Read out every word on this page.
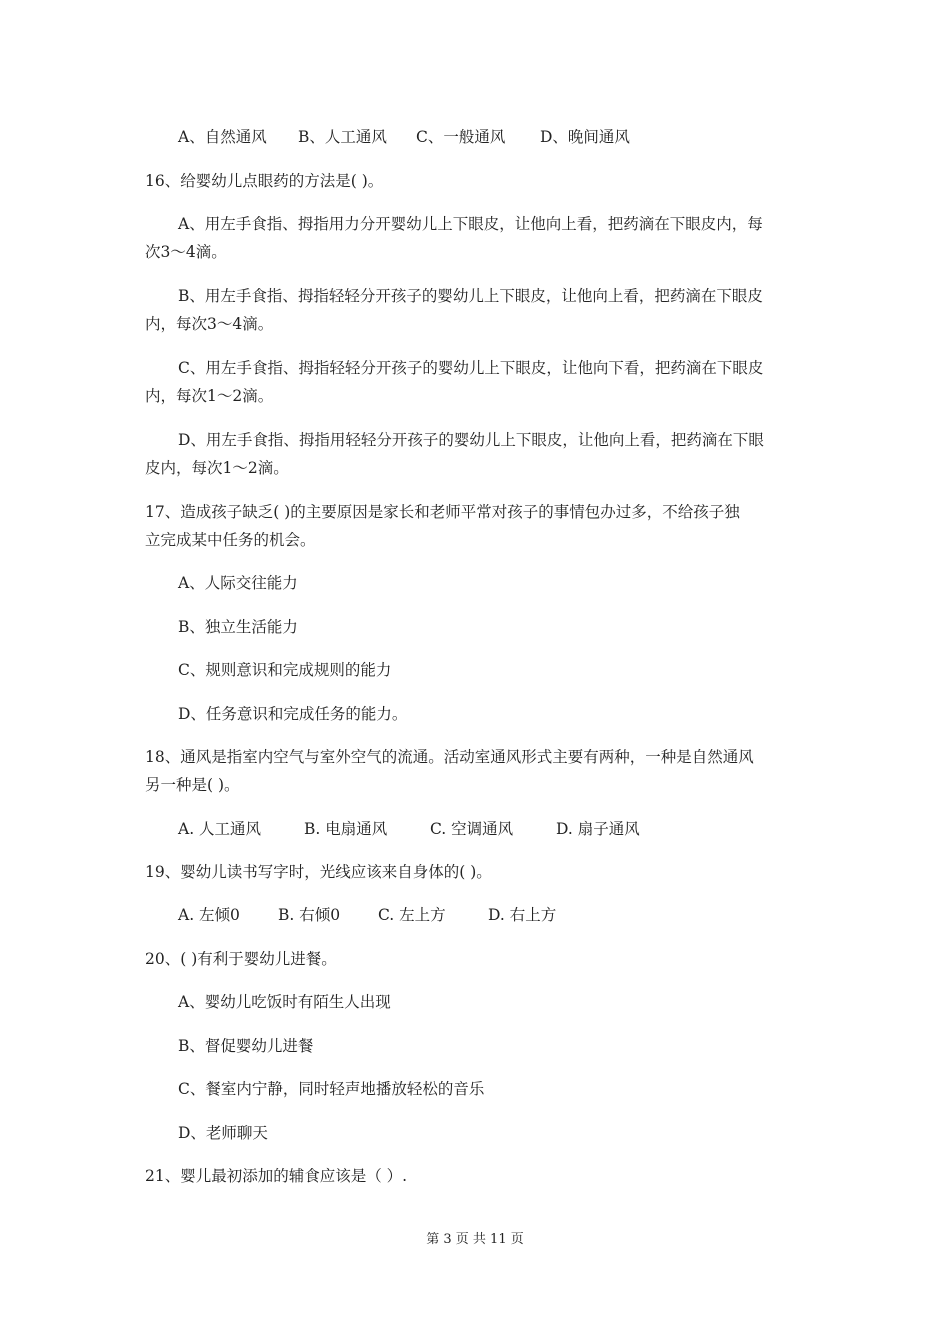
A、自然通风 B、人工通风 C、一般通风 D、晚间通风
16、给婴幼儿点眼药的方法是( )。
A、用左手食指、拇指用力分开婴幼儿上下眼皮，让他向上看，把药滴在下眼皮内，每
次3～4滴。
B、用左手食指、拇指轻轻分开孩子的婴幼儿上下眼皮，让他向上看，把药滴在下眼皮
内，每次3～4滴。
C、用左手食指、拇指轻轻分开孩子的婴幼儿上下眼皮，让他向下看，把药滴在下眼皮
内，每次1～2滴。
D、用左手食指、拇指用轻轻分开孩子的婴幼儿上下眼皮，让他向上看，把药滴在下眼
皮内，每次1～2滴。
17、造成孩子缺乏( )的主要原因是家长和老师平常对孩子的事情包办过多，不给孩子独
立完成某中任务的机会。
A、人际交往能力
B、独立生活能力
C、规则意识和完成规则的能力
D、任务意识和完成任务的能力。
18、通风是指室内空气与室外空气的流通。活动室通风形式主要有两种，一种是自然通风
另一种是( )。
A. 人工通风	B. 电扇通风	C. 空调通风	D. 扇子通风
19、婴幼儿读书写字时，光线应该来自身体的( )。
A. 左倾0 B. 右倾0 C. 左上方	D. 右上方
20、( )有利于婴幼儿进餐。
A、婴幼儿吃饭时有陌生人出现
B、督促婴幼儿进餐
C、餐室内宁静，同时轻声地播放轻松的音乐
D、老师聊天
21、婴儿最初添加的辅食应该是（ ）.
第 3 页 共 11 页
